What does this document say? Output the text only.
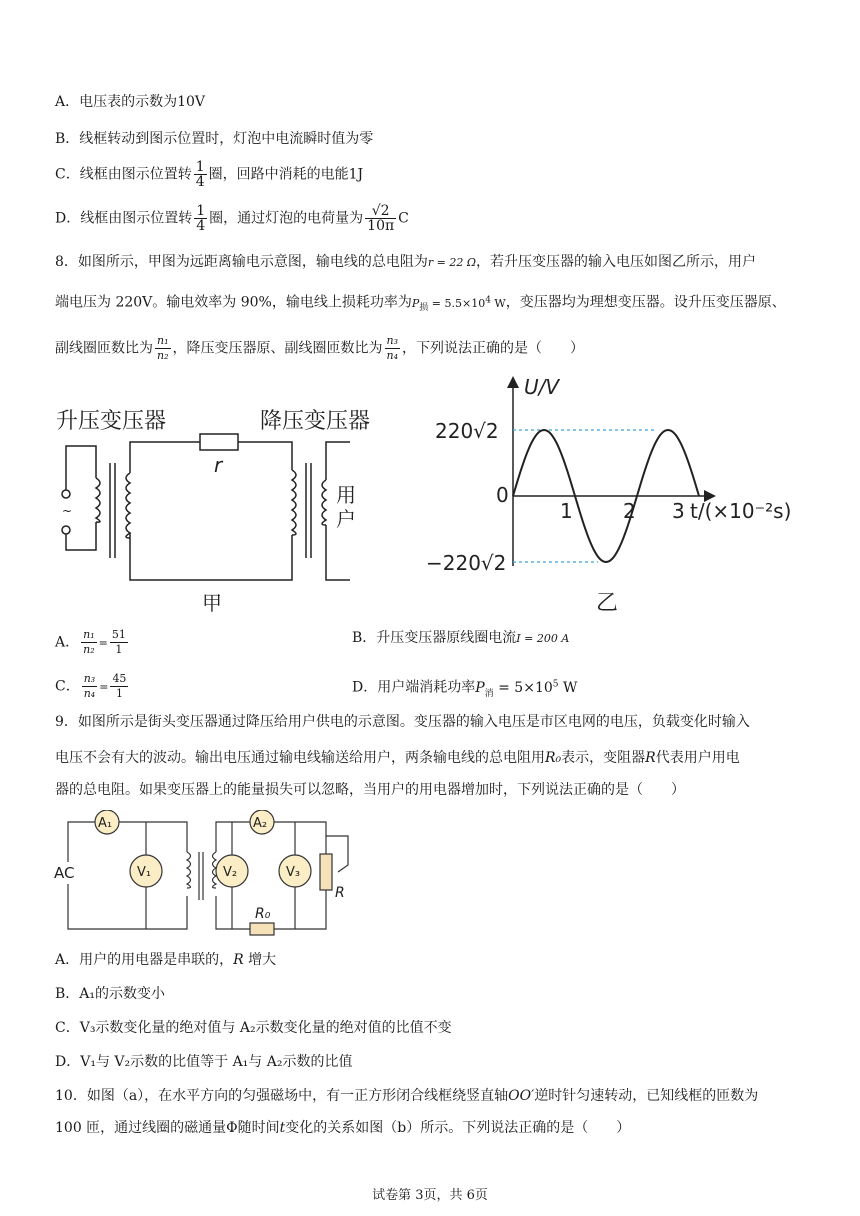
A．电压表的示数为10V
B．线框转动到图示位置时，灯泡中电流瞬时值为零
C．线框由图示位置转 $\frac{1}{4}$ 圈，回路中消耗的电能1J
D．线框由图示位置转 $\frac{1}{4}$ 圈，通过灯泡的电荷量为 $\frac{√2}{10\pi}$ C
8．如图所示，甲图为远距离输电示意图，输电线的总电阻为r = 22 Ω，若升压变压器的输入电压如图乙所示，用户
端电压为 220V。输电效率为 90%，输电线上损耗功率为$P_损 = 5.5\times 10^4$ W，变压器均为理想变压器。设升压变压器原、
副线圈匝数比为 $\frac{\text{n₁}}{\text{n₂}}$ ，降压变压器原、副线圈匝数比为 $\frac{\text{n₃}}{\text{n₄}}$ ，下列说法正确的是（　　）
升压变压器	降压变压器
~
r
用
户
甲
U/V
t/(×10⁻²s)
220√2
−220√2
0
1	2 3
乙
A． $\frac{\text{n₁}}{\text{n₂}} = \frac{51}{1}$	B．升压变压器原线圈电流I = 200 A
C． $\frac{\text{n₃}}{\text{n₄}} = \frac{45}{1}$	D．用户端消耗功率$P_消 = 5\times 10^5$ W
9．如图所示是街头变压器通过降压给用户供电的示意图。变压器的输入电压是市区电网的电压，负载变化时输入
电压不会有大的波动。输出电压通过输电线输送给用户，两条输电线的总电阻用R₀表示，变阻器R代表用户用电
器的总电阻。如果变压器上的能量损失可以忽略，当用户的用电器增加时，下列说法正确的是（　　）
A₁	A₂
V₁	V₂	V₃
AC
R
R₀
A．用户的用电器是串联的，R 增大
B．A₁的示数变小
C．V₃示数变化量的绝对值与 A₂示数变化量的绝对值的比值不变
D．V₁与 V₂示数的比值等于 A₁与 A₂示数的比值
10．如图（a），在水平方向的匀强磁场中，有一正方形闭合线框绕竖直轴OO′逆时针匀速转动，已知线框的匝数为
100 匝，通过线圈的磁通量Φ随时间t变化的关系如图（b）所示。下列说法正确的是（　　）
试卷第 3页，共 6页
